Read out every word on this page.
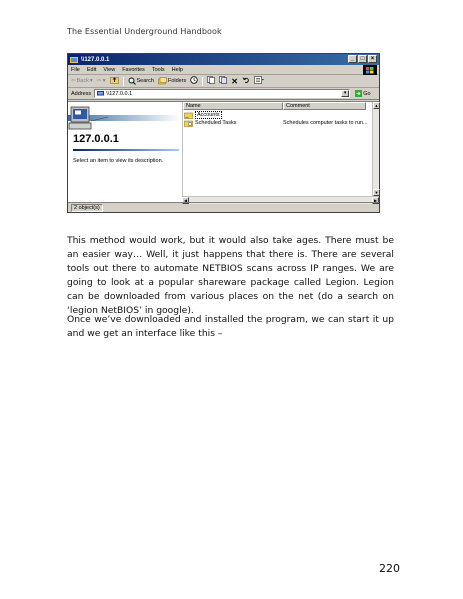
The Essential Underground Handbook
\\127.0.0.1	_	□	×
File Edit View Favorites Tools Help
⇦ Back ▾ ⇨ ▾	Search	Folders	✕
Address	\\127.0.0.1	▾	Go
127.0.0.1
Select an item to view its description.
Name	Comment
Accounts
Scheduled Tasks	Schedules computer tasks to run...
▲
▼
◀	▶
2 object(s)

This method would work, but it would also take ages. There must be an easier way… Well, it just happens that there is. There are several tools out there to automate NETBIOS scans across IP ranges. We are going to look at a popular shareware package called Legion. Legion can be downloaded from various places on the net (do a search on ‘legion NetBIOS’ in google).

Once we’ve downloaded and installed the program, we can start it up and we get an interface like this –

220
